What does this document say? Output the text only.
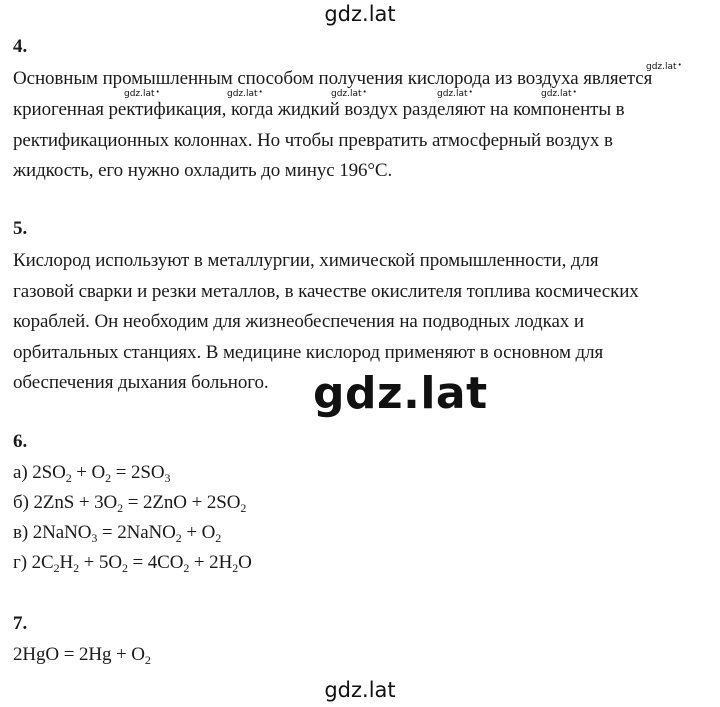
gdz.lat
gdz.lat •
gdz.lat •	gdz.lat •	gdz.lat •	gdz.lat •	gdz.lat •
4.
Основным промышленным способом получения кислорода из воздуха является
криогенная ректификация, когда жидкий воздух разделяют на компоненты в
ректификационных колоннах. Но чтобы превратить атмосферный воздух в
жидкость, его нужно охладить до минус 196°С.
5.
Кислород используют в металлургии, химической промышленности, для
газовой сварки и резки металлов, в качестве окислителя топлива космических
кораблей. Он необходим для жизнеобеспечения на подводных лодках и
орбитальных станциях. В медицине кислород применяют в основном для
обеспечения дыхания больного. gdz.lat
6.
а) $2SO_2 + O_2 = 2SO_3$
б) $2ZnS + 3O_2 = 2ZnO + 2SO_2$
в) 2NaNO$_3$ = 2NaNO$_2$ + $O_2$
г) $2C_2H_2 + 5O_2 = 4CO_2 + 2H_2O$
7.
$2HgO = 2Hg + O_2$
gdz.lat
